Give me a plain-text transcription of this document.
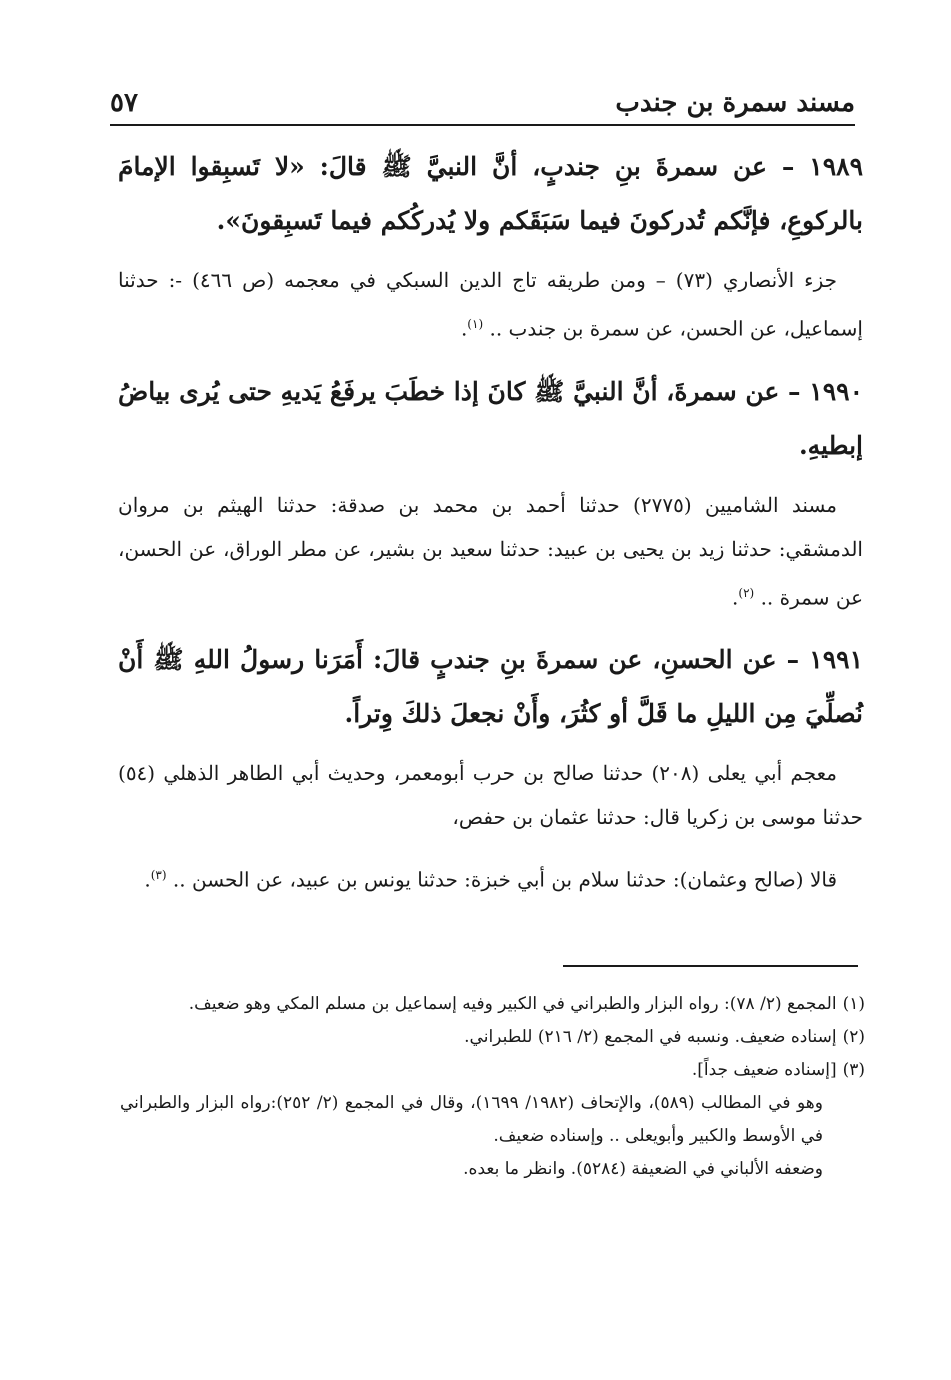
مسند سمرة بن جندب
٥٧

١٩٨٩ – عن سمرةَ بنِ جندبٍ، أنَّ النبيَّ ﷺ قالَ: «لا تَسبِقوا الإمامَ بالركوعِ، فإنَّكم تُدركونَ فيما سَبَقَكم ولا يُدركُكم فيما تَسبِقونَ».

جزء الأنصاري (٧٣) – ومن طريقه تاج الدين السبكي في معجمه (ص ٤٦٦) -: حدثنا إسماعيل، عن الحسن، عن سمرة بن جندب .. $^{(١)}$.

١٩٩٠ – عن سمرةَ، أنَّ النبيَّ ﷺ كانَ إذا خطَبَ يرفَعُ يَديهِ حتى يُرى بياضُ إبطيهِ.

مسند الشاميين (٢٧٧٥) حدثنا أحمد بن محمد بن صدقة: حدثنا الهيثم بن مروان الدمشقي: حدثنا زيد بن يحيى بن عبيد: حدثنا سعيد بن بشير، عن مطر الوراق، عن الحسن، عن سمرة .. $^{(٢)}$.

١٩٩١ – عن الحسنِ، عن سمرةَ بنِ جندبٍ قالَ: أَمَرَنا رسولُ اللهِ ﷺ أَنْ نُصلِّيَ مِن الليلِ ما قَلَّ أو كثُرَ، وأَنْ نجعلَ ذلكَ وِتراً.

معجم أبي يعلى (٢٠٨) حدثنا صالح بن حرب أبومعمر، وحديث أبي الطاهر الذهلي (٥٤) حدثنا موسى بن زكريا قال: حدثنا عثمان بن حفص،

قالا (صالح وعثمان): حدثنا سلام بن أبي خبزة: حدثنا يونس بن عبيد، عن الحسن .. $^{(٣)}$.

(١)المجمع (٢/ ٧٨): رواه البزار والطبراني في الكبير وفيه إسماعيل بن مسلم المكي وهو ضعيف.

(٢)إسناده ضعيف. ونسبه في المجمع (٢/ ٢١٦) للطبراني.

(٣)[إسناده ضعيف جداً].

وهو في المطالب (٥٨٩)، والإتحاف (١٩٨٢/ ١٦٩٩)، وقال في المجمع (٢/ ٢٥٢):رواه البزار والطبراني في الأوسط والكبير وأبويعلى .. وإسناده ضعيف.

وضعفه الألباني في الضعيفة (٥٢٨٤). وانظر ما بعده.
